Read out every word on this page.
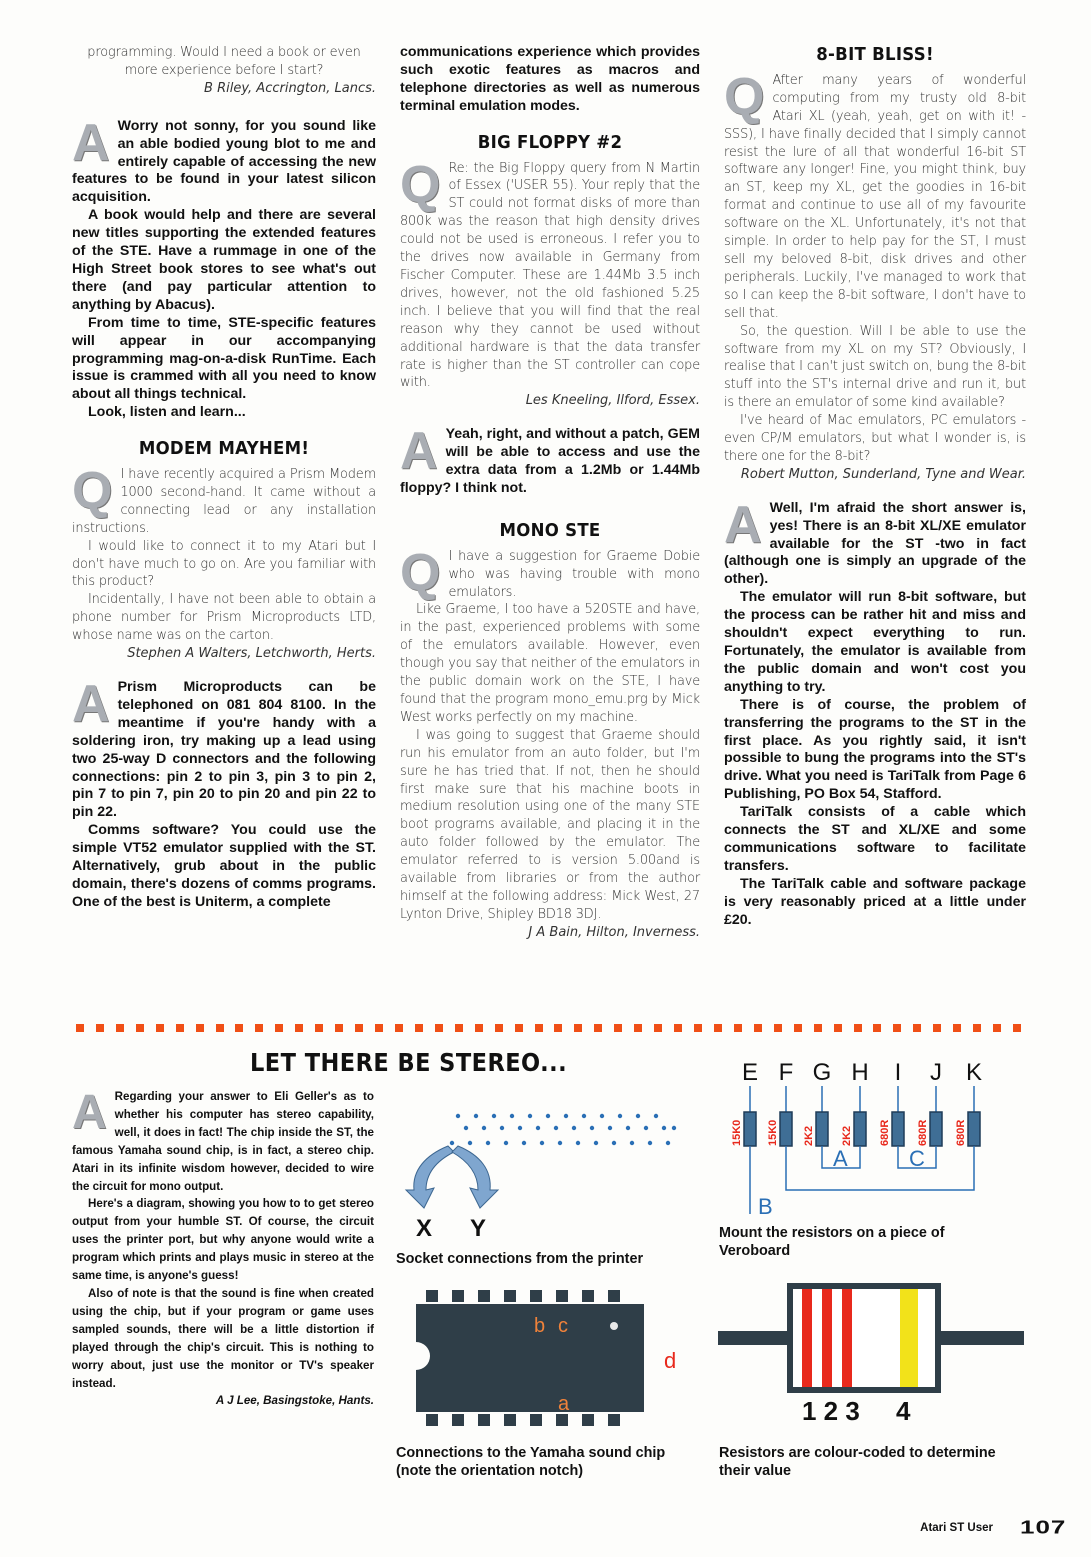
programming. Would I need a book or even more experience before I start?

B Riley, Accrington, Lancs.

A Worry not sonny, for you sound like an able bodied young blot to me and entirely capable of accessing the new features to be found in your latest silicon acquisition.

A book would help and there are several new titles supporting the extended features of the STE. Have a rummage in one of the High Street book stores to see what's out there (and pay particular attention to anything by Abacus).

From time to time, STE-specific features will appear in our accompanying programming mag-on-a-disk RunTime. Each issue is crammed with all you need to know about all things technical.

Look, listen and learn...

MODEM MAYHEM!
Q I have recently acquired a Prism Modem 1000 second-hand. It came without a connecting lead or any installation instructions.

I would like to connect it to my Atari but I don't have much to go on. Are you familiar with this product?

Incidentally, I have not been able to obtain a phone number for Prism Microproducts LTD, whose name was on the carton.

Stephen A Walters, Letchworth, Herts.

A Prism Microproducts can be telephoned on 081 804 8100. In the meantime if you're handy with a soldering iron, try making up a lead using two 25-way D connectors and the following connections: pin 2 to pin 3, pin 3 to pin 2, pin 7 to pin 7, pin 20 to pin 20 and pin 22 to pin 22.

Comms software? You could use the simple VT52 emulator supplied with the ST. Alternatively, grub about in the public domain, there's dozens of comms programs. One of the best is Uniterm, a complete

communications experience which provides such exotic features as macros and telephone directories as well as numerous terminal emulation modes.

BIG FLOPPY #2
Q Re: the Big Floppy query from N Martin of Essex ('USER 55). Your reply that the ST could not format disks of more than 800k was the reason that high density drives could not be used is erroneous. I refer you to the drives now available in Germany from Fischer Computer. These are 1.44Mb 3.5 inch drives, however, not the old fashioned 5.25 inch. I believe that you will find that the real reason why they cannot be used without additional hardware is that the data transfer rate is higher than the ST controller can cope with.

Les Kneeling, Ilford, Essex.

A Yeah, right, and without a patch, GEM will be able to access and use the extra data from a 1.2Mb or 1.44Mb floppy? I think not.

MONO STE
Q I have a suggestion for Graeme Dobie who was having trouble with mono emulators.

Like Graeme, I too have a 520STE and have, in the past, experienced problems with some of the emulators available. However, even though you say that neither of the emulators in the public domain work on the STE, I have found that the program mono_emu.prg by Mick West works perfectly on my machine.

I was going to suggest that Graeme should run his emulator from an auto folder, but I'm sure he has tried that. If not, then he should first make sure that his machine boots in medium resolution using one of the many STE boot programs available, and placing it in the auto folder followed by the emulator. The emulator referred to is version 5.00and is available from libraries or from the author himself at the following address: Mick West, 27 Lynton Drive, Shipley BD18 3DJ.

J A Bain, Hilton, Inverness.

8-BIT BLISS!
Q After many years of wonderful computing from my trusty old 8-bit Atari XL (yeah, yeah, get on with it! - SSS), I have finally decided that I simply cannot resist the lure of all that wonderful 16-bit ST software any longer! Fine, you might think, buy an ST, keep my XL, get the goodies in 16-bit format and continue to use all of my favourite software on the XL. Unfortunately, it's not that simple. In order to help pay for the ST, I must sell my beloved 8-bit, disk drives and other peripherals. Luckily, I've managed to work that so I can keep the 8-bit software, I don't have to sell that.

So, the question. Will I be able to use the software from my XL on my ST? Obviously, I realise that I can't just switch on, bung the 8-bit stuff into the ST's internal drive and run it, but is there an emulator of some kind available?

I've heard of Mac emulators, PC emulators - even CP/M emulators, but what I wonder is, is there one for the 8-bit?

Robert Mutton, Sunderland, Tyne and Wear.

A Well, I'm afraid the short answer is, yes! There is an 8-bit XL/XE emulator available for the ST -two in fact (although one is simply an upgrade of the other).

The emulator will run 8-bit software, but the process can be rather hit and miss and shouldn't expect everything to run. Fortunately, the emulator is available from the public domain and won't cost you anything to try.

There is of course, the problem of transferring the programs to the ST in the first place. As you rightly said, it isn't possible to bung the programs into the ST's drive. What you need is TariTalk from Page 6 Publishing, PO Box 54, Stafford.

TariTalk consists of a cable which connects the ST and XL/XE and some communications software to facilitate transfers.

The TariTalk cable and software package is very reasonably priced at a little under £20.

LET THERE BE STEREO...
A Regarding your answer to Eli Geller's as to whether his computer has stereo capability, well, it does in fact! The chip inside the ST, the famous Yamaha sound chip, is in fact, a stereo chip. Atari in its infinite wisdom however, decided to wire the circuit for mono output.

Here's a diagram, showing you how to to get stereo output from your humble ST. Of course, the circuit uses the printer port, but why anyone would write a program which prints and plays music in stereo at the same time, is anyone's guess!

Also of note is that the sound is fine when created using the chip, but if your program or game uses sampled sounds, there will be a little distortion if played through the chip's circuit. This is nothing to worry about, just use the monitor or TV's speaker instead.

A J Lee, Basingstoke, Hants.

X Y
Socket connections from the printer
b c
a
d
Connections to the Yamaha sound chip (note the orientation notch)
E F G H I J K
15K0 15K0 2K2 2K2 680R 680R 680R
A	C
B
Mount the resistors on a piece of Veroboard
1 2 3     4
Resistors are colour-coded to determine their value
Atari ST User 107
